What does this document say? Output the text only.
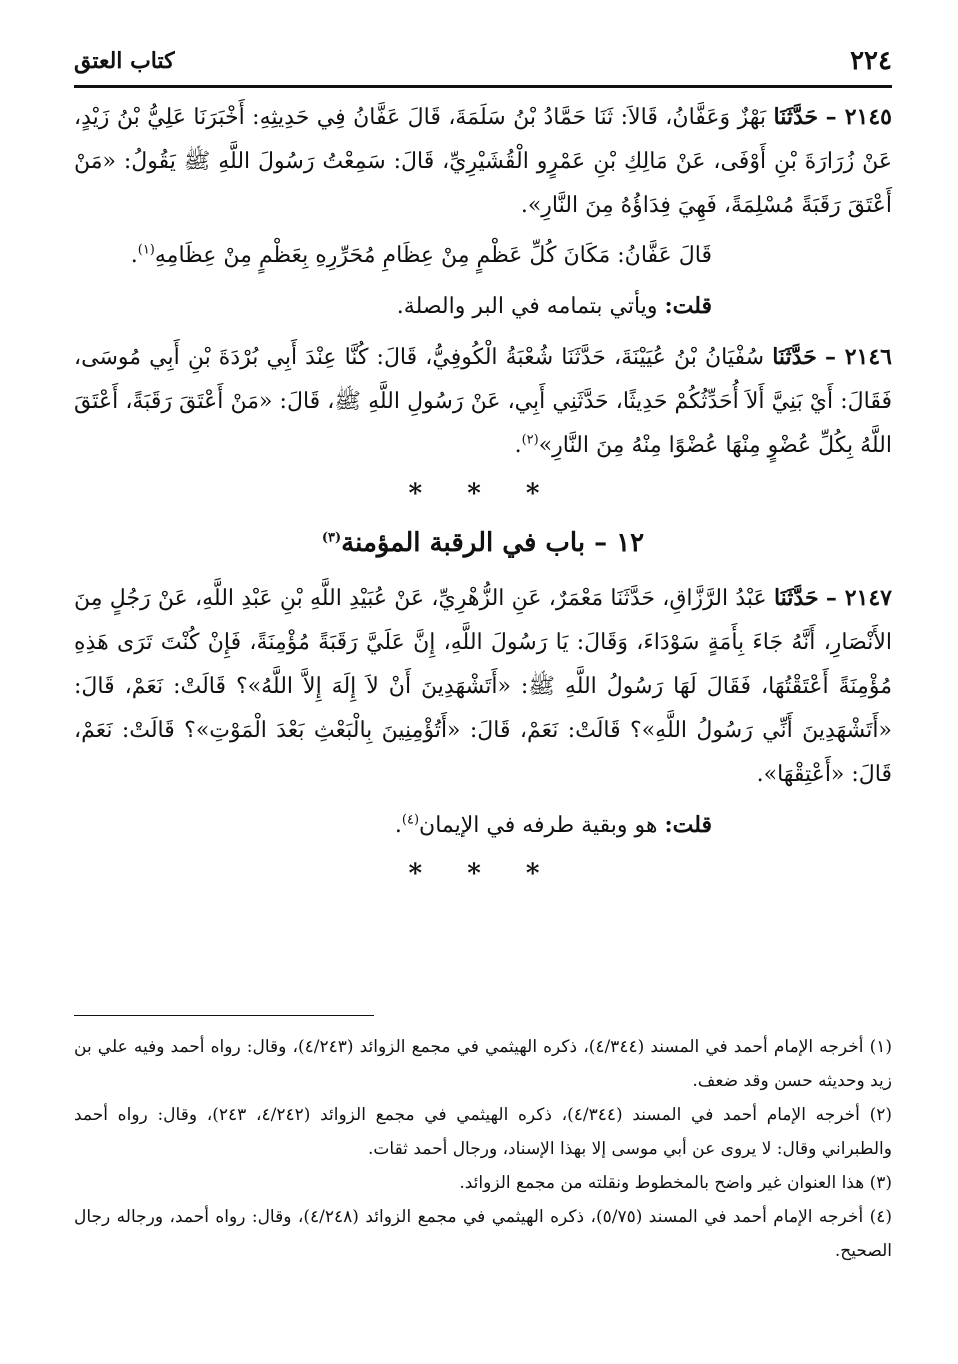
٢٢٤
كتاب العتق

٢١٤٥ – حَدَّثَنَا بَهْزٌ وَعَفَّانُ، قَالاَ: ثَنَا حَمَّادُ بْنُ سَلَمَةَ، قَالَ عَفَّانُ فِي حَدِيثِهِ: أَخْبَرَنَا عَلِيُّ بْنُ زَيْدٍ، عَنْ زُرَارَةَ بْنِ أَوْفَى، عَنْ مَالِكِ بْنِ عَمْرٍو الْقُشَيْرِيِّ، قَالَ: سَمِعْتُ رَسُولَ اللَّهِ ﷺ يَقُولُ: «مَنْ أَعْتَقَ رَقَبَةً مُسْلِمَةً، فَهِيَ فِدَاؤُهُ مِنَ النَّارِ».

قَالَ عَفَّانُ: مَكَانَ كُلِّ عَظْمٍ مِنْ عِظَامِ مُحَرِّرِهِ بِعَظْمٍ مِنْ عِظَامِهِ$^{(١)}$.

قلت: ويأتي بتمامه في البر والصلة.

٢١٤٦ – حَدَّثَنَا سُفْيَانُ بْنُ عُيَيْنَةَ، حَدَّثَنَا شُعْبَةُ الْكُوفِيُّ، قَالَ: كُنَّا عِنْدَ أَبِي بُرْدَةَ بْنِ أَبِي مُوسَى، فَقَالَ: أَيْ بَنِيَّ أَلاَ أُحَدِّثُكُمْ حَدِيثًا، حَدَّثَنِي أَبِي، عَنْ رَسُولِ اللَّهِ ﷺ، قَالَ: «مَنْ أَعْتَقَ رَقَبَةً، أَعْتَقَ اللَّهُ بِكُلِّ عُضْوٍ مِنْهَا عُضْوًا مِنْهُ مِنَ النَّارِ»$^{(٢)}$.

* * *
١٢ – باب في الرقبة المؤمنة$^{(٣)}$

٢١٤٧ – حَدَّثَنَا عَبْدُ الرَّزَّاقِ، حَدَّثَنَا مَعْمَرٌ، عَنِ الزُّهْرِيِّ، عَنْ عُبَيْدِ اللَّهِ بْنِ عَبْدِ اللَّهِ، عَنْ رَجُلٍ مِنَ الأَنْصَارِ، أَنَّهُ جَاءَ بِأَمَةٍ سَوْدَاءَ، وَقَالَ: يَا رَسُولَ اللَّهِ، إِنَّ عَلَيَّ رَقَبَةً مُؤْمِنَةً، فَإِنْ كُنْتَ تَرَى هَذِهِ مُؤْمِنَةً أَعْتَقْتُهَا، فَقَالَ لَهَا رَسُولُ اللَّهِ ﷺ: «أَتَشْهَدِينَ أَنْ لاَ إِلَهَ إِلاَّ اللَّهُ»؟ قَالَتْ: نَعَمْ، قَالَ: «أَتَشْهَدِينَ أَنِّي رَسُولُ اللَّهِ»؟ قَالَتْ: نَعَمْ، قَالَ: «أَتُؤْمِنِينَ بِالْبَعْثِ بَعْدَ الْمَوْتِ»؟ قَالَتْ: نَعَمْ، قَالَ: «أَعْتِقْهَا».

قلت: هو وبقية طرفه في الإيمان$^{(٤)}$.

* * *

(١) أخرجه الإمام أحمد في المسند (٤/٣٤٤)، ذكره الهيثمي في مجمع الزوائد (٤/٢٤٣)، وقال: رواه أحمد وفيه علي بن زيد وحديثه حسن وقد ضعف.

(٢) أخرجه الإمام أحمد في المسند (٤/٣٤٤)، ذكره الهيثمي في مجمع الزوائد (٤/٢٤٢، ٢٤٣)، وقال: رواه أحمد والطبراني وقال: لا يروى عن أبي موسى إلا بهذا الإسناد، ورجال أحمد ثقات.

(٣) هذا العنوان غير واضح بالمخطوط ونقلته من مجمع الزوائد.

(٤) أخرجه الإمام أحمد في المسند (٥/٧٥)، ذكره الهيثمي في مجمع الزوائد (٤/٢٤٨)، وقال: رواه أحمد، ورجاله رجال الصحيح.
